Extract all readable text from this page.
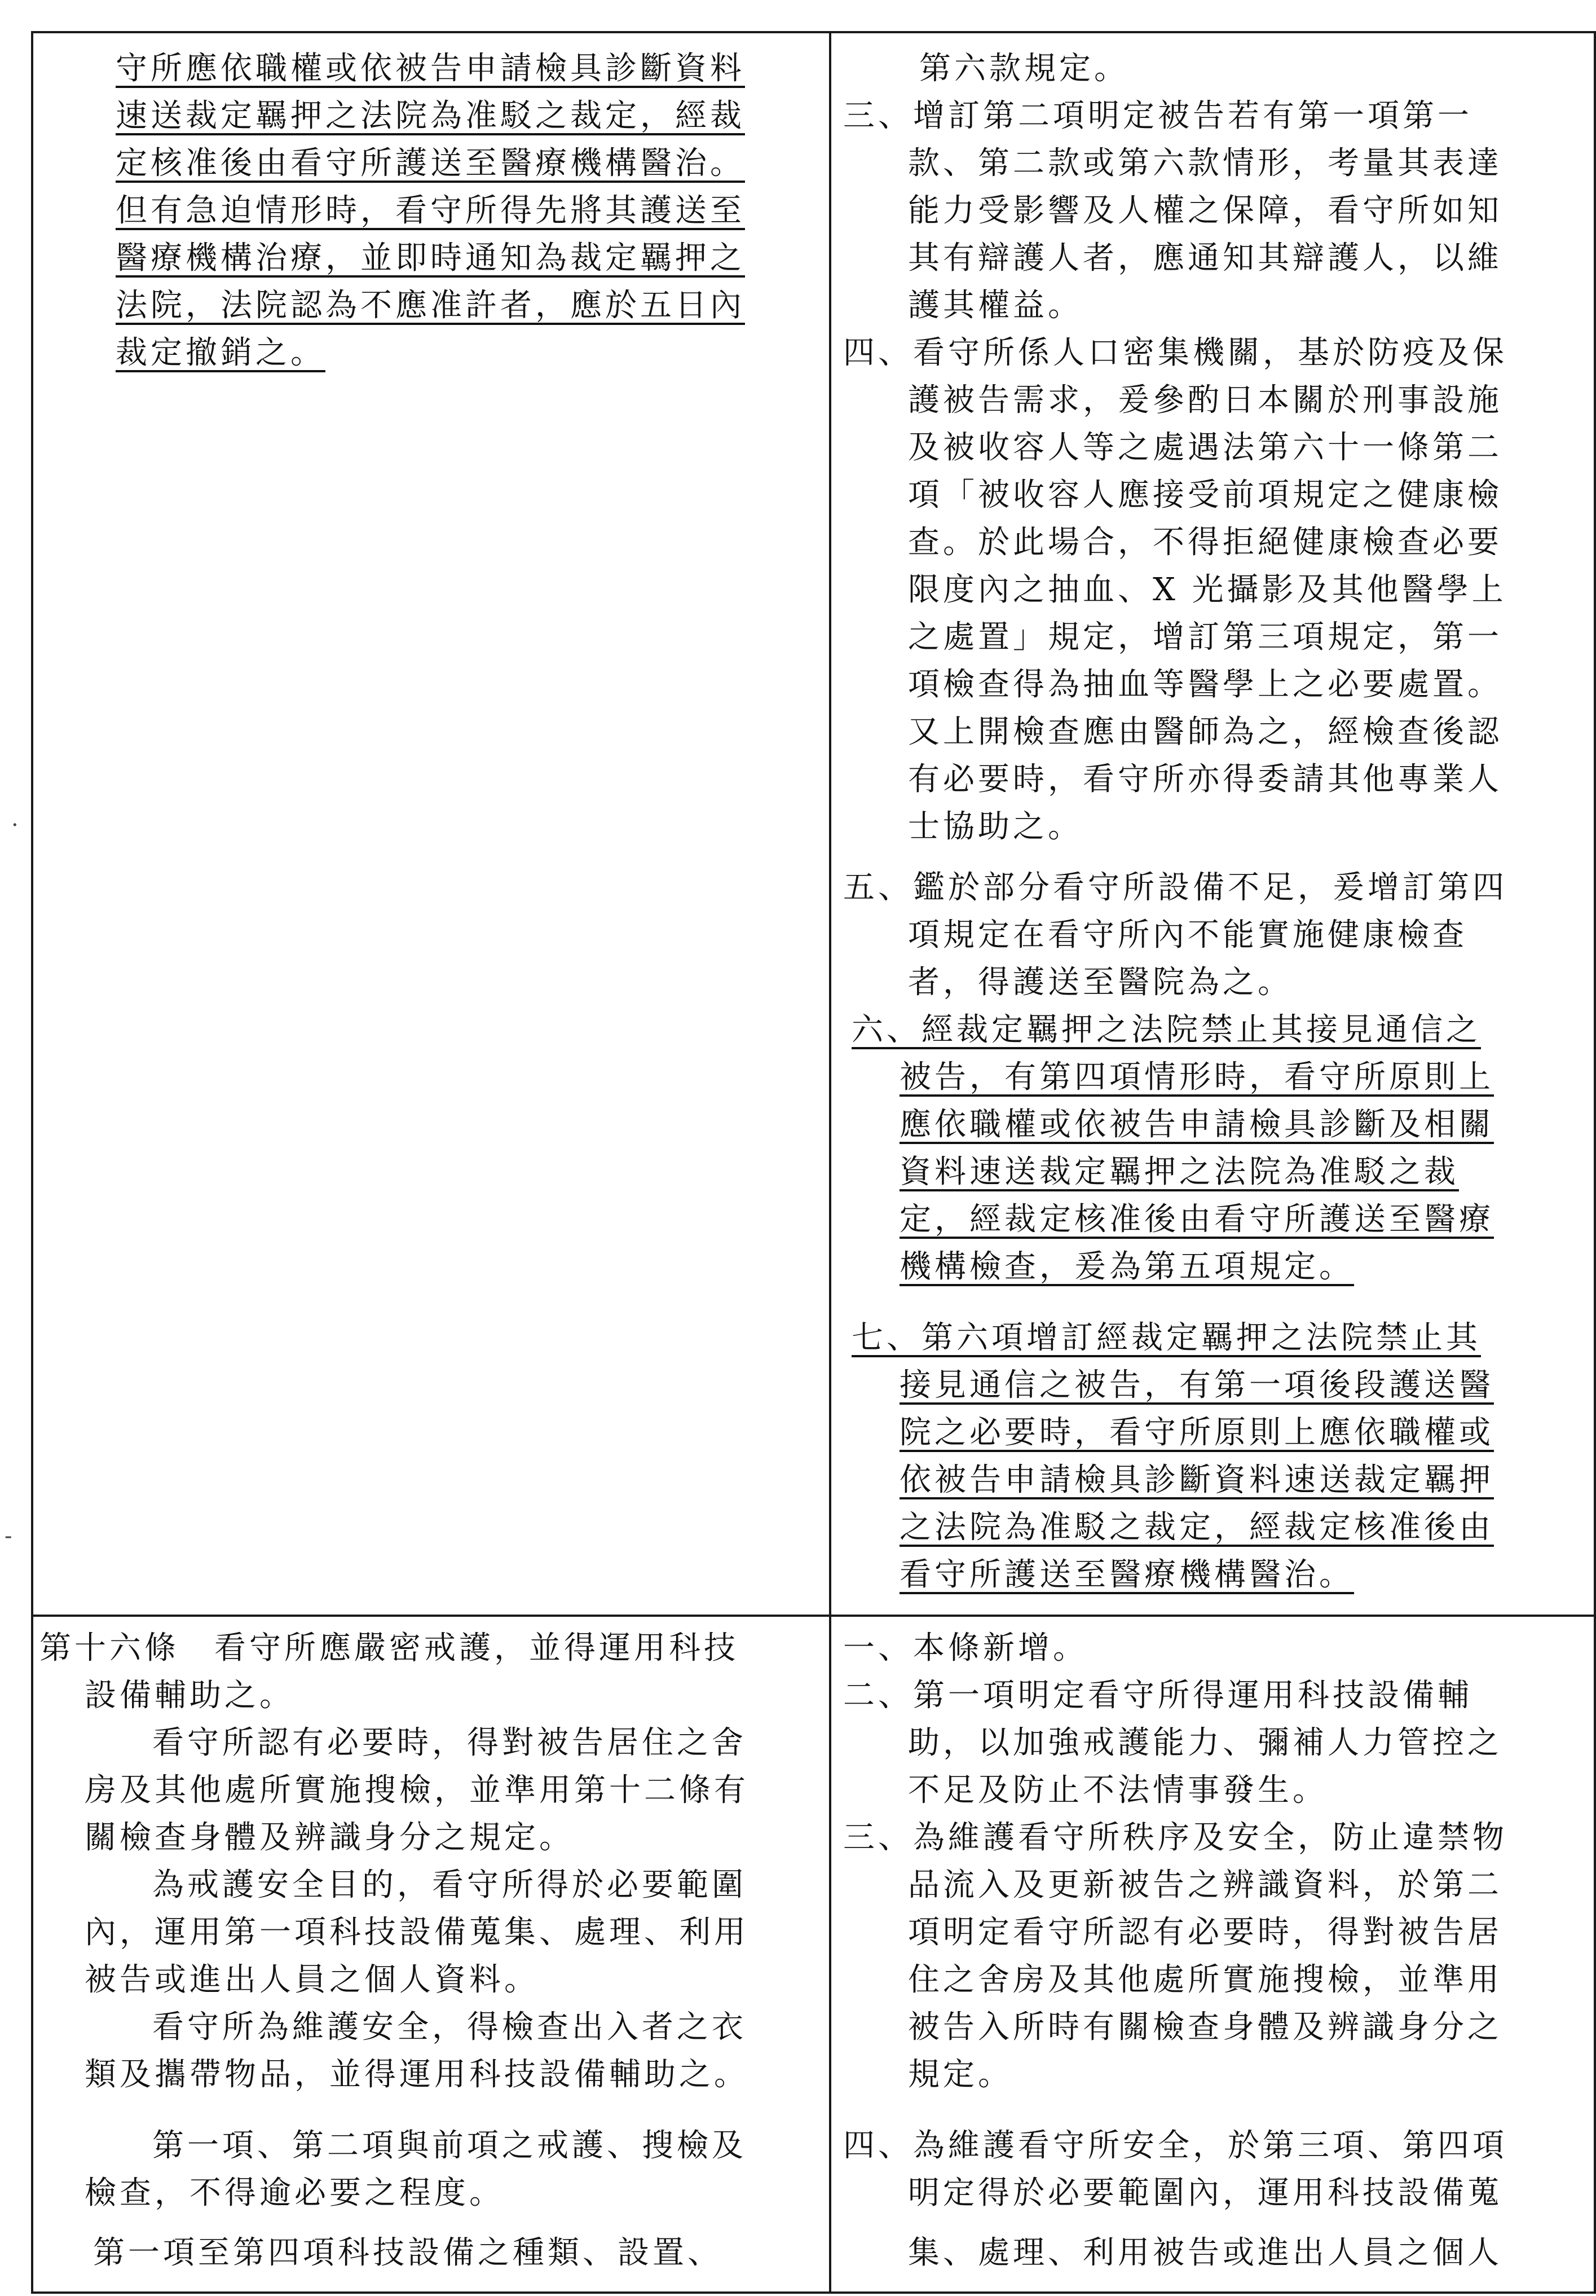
守所應依職權或依被告申請檢具診斷資料
速送裁定羈押之法院為准駁之裁定，經裁
定核准後由看守所護送至醫療機構醫治。
但有急迫情形時，看守所得先將其護送至
醫療機構治療，並即時通知為裁定羈押之
法院，法院認為不應准許者，應於五日內
裁定撤銷之。
第六款規定。
三、增訂第二項明定被告若有第一項第一
款、第二款或第六款情形，考量其表達
能力受影響及人權之保障，看守所如知
其有辯護人者，應通知其辯護人，以維
護其權益。
四、看守所係人口密集機關，基於防疫及保
護被告需求，爰參酌日本關於刑事設施
及被收容人等之處遇法第六十一條第二
項「被收容人應接受前項規定之健康檢
查。於此場合，不得拒絕健康檢查必要
限度內之抽血、X 光攝影及其他醫學上
之處置」規定，增訂第三項規定，第一
項檢查得為抽血等醫學上之必要處置。
又上開檢查應由醫師為之，經檢查後認
有必要時，看守所亦得委請其他專業人
士協助之。
五、鑑於部分看守所設備不足，爰增訂第四
項規定在看守所內不能實施健康檢查
者，得護送至醫院為之。
六、經裁定羈押之法院禁止其接見通信之
被告，有第四項情形時，看守所原則上
應依職權或依被告申請檢具診斷及相關
資料速送裁定羈押之法院為准駁之裁
定，經裁定核准後由看守所護送至醫療
機構檢查，爰為第五項規定。
七、第六項增訂經裁定羈押之法院禁止其
接見通信之被告，有第一項後段護送醫
院之必要時，看守所原則上應依職權或
依被告申請檢具診斷資料速送裁定羈押
之法院為准駁之裁定，經裁定核准後由
看守所護送至醫療機構醫治。
第十六條　看守所應嚴密戒護，並得運用科技
設備輔助之。
看守所認有必要時，得對被告居住之舍
房及其他處所實施搜檢，並準用第十二條有
關檢查身體及辨識身分之規定。
為戒護安全目的，看守所得於必要範圍
內，運用第一項科技設備蒐集、處理、利用
被告或進出人員之個人資料。
看守所為維護安全，得檢查出入者之衣
類及攜帶物品，並得運用科技設備輔助之。
第一項、第二項與前項之戒護、搜檢及
檢查，不得逾必要之程度。
第一項至第四項科技設備之種類、設置、
一、本條新增。
二、第一項明定看守所得運用科技設備輔
助，以加強戒護能力、彌補人力管控之
不足及防止不法情事發生。
三、為維護看守所秩序及安全，防止違禁物
品流入及更新被告之辨識資料，於第二
項明定看守所認有必要時，得對被告居
住之舍房及其他處所實施搜檢，並準用
被告入所時有關檢查身體及辨識身分之
規定。
四、為維護看守所安全，於第三項、第四項
明定得於必要範圍內，運用科技設備蒐
集、處理、利用被告或進出人員之個人
·
-
